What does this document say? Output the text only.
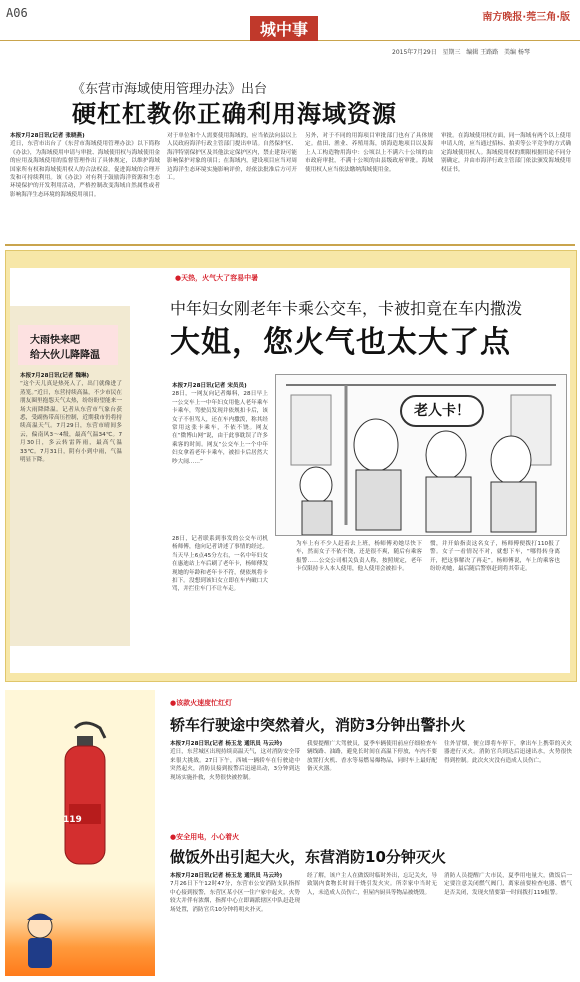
A06
城中事
南方晚报·莞三角·版
2015年7月29日 星期三 编辑 王路路 美编 杨琴
《东营市海域使用管理办法》出台
硬杠杠教你正确利用海域资源
本报7月28日讯(记者 张晓燕)
近日，东营市出台了《东营市海域使用管理办法》以下简称《办法》，为海域使用申请与审批、海域使用权与海域使用金的应用及海域使用的监督管理作出了具体规定，以维护海域国家所有权和海域使用权人的合法权益，促进海域的合理开发和可持续利用。该《办法》对有利于鼓励海洋资源和生态环境保护的开发利用活动，严格控制改变海域自然属性或者影响海洋生态环境的海域使用项目。
对于单位和个人需要使用海域的，应当依法向县以上人民政府海洋行政主管部门提出申请。自然保护区、海洋特别保护区及其他法定保护区内，禁止建设可能影响保护对象的项目；在海域内，建设项目应当对周边海洋生态环境实施影响评价，经依法批准后方可开工。
另外，对于不同的用海项目审批部门也有了具体规定。盐田、渔业、养殖用海，填海造地项目以及海上人工构造物用海中：公顷以上不满六十公顷的由市政府审批，不满十公顷的由县级政府审批。海域使用权人应当依法缴纳海域使用金。
审批。在海域使用权方面，同一海域有两个以上使用申请人的，应当通过招标、拍卖等公平竞争的方式确定海域使用权人。海域使用权的期限根据用途不同分别确定，并由市海洋行政主管部门依法颁发海域使用权证书。
●天热，火气大了容易中暑
中年妇女刚老年卡乘公交车，卡被扣竟在车内撒泼
大姐，您火气也太大了点
大雨快来吧
给大伙儿降降温
本报7月28日讯(记者 魏琳)
“这个天儿真是热死人了，出门就像进了蒸笼。”近日，东营持续高温，不少市民在朋友圈里抱怨天气太热，纷纷盼望能来一场大雨降降温。记者从东营市气象台获悉，受副热带高压控制，近期我市仍将持续高温天气。7月29日，东营市晴间多云，偏南风3～4级，最高气温34℃。7月30日，多云转雷阵雨，最高气温33℃。7月31日，阴有小到中雨，气温明显下降。
本报7月28日讯(记者 宋员员)
28日，一网友向记者爆料，28日早上一公交车上一中年妇女用他人老年乘车卡乘车，驾驶员发现并依规扣卡后，该女子不但骂人，还在车内撒泼，称其经常用这张卡乘车，不依不饶。网友在“微博山网”说，由于此事耽误了许多乘客的时间。网友“公交车上一个中年妇女拿着老年卡乘车，被扣卡后居然大吵大闹……”
28日，记者联系到事发的公交车司机杨师傅，他向记者讲述了事情的经过。当天早上6点45分左右，一名中年妇女在惠迪站上车后刷了老年卡，杨师傅发现她的年龄和老年卡不符，便依规将卡扣下。没想到该妇女立即在车内破口大骂，并拦住车门不让车走。
老人卡！
为车上有不少人赶着去上班，杨师傅劝她尽快下车，然而女子不依不饶，还是很不爽，随后有乘客报警……公交公司相关负责人称，按照规定，老年卡仅限持卡人本人使用，他人使用会被扣卡。
惯，并开始指责这名女子，杨师傅便拨打110报了警。女子一看情况不对，就想下车，“哪得转身离开，把这事解决了再走”。杨师傅说，车上的乘客也纷纷劝她，最后随后警察赶到将其带走。
119
●该款火速度忙红灯
轿车行驶途中突然着火，消防3分钟出警扑火
本报7月28日讯(记者 杨玉龙 通讯员 马云玲)
近日，东营城区出现持续高温天气，这对消防安全带来很大挑战。27日下午，西城一辆轿车在行驶途中突然起火，消防员接到报警后迅速出动，3分钟到达现场实施扑救，火势很快被控制。
我要提醒广大驾驶员，夏季车辆使用前应仔细检查车辆线路、油路，避免长时间在高温下停放，车内不要放置打火机、香水等易燃易爆物品，同时车上最好配备灭火器。
往外冒烟，便立即将车停下，拿出车上携带的灭火器进行灭火。消防官兵到达后迅速出水，火势很快得到控制。此次火灾没有造成人员伤亡。
●安全用电，小心着火
做饭外出引起大火，东营消防10分钟灭火
本报7月28日讯(记者 杨玉龙 通讯员 马云玲)
7月26日下午12时47分，东营市公安消防支队指挥中心接到报警，东营区某小区一住户家中起火，火势较大并伴有浓烟，指挥中心立即调派辖区中队赶赴现场处置，消防官兵10分钟将明火扑灭。
经了解，该户主人在做饭时临时外出，忘记关火，导致锅内食物长时间干烧引发火灾。所幸家中当时无人，未造成人员伤亡，但屋内厨具等物品被烧毁。
消防人员提醒广大市民，夏季用电量大，做饭后一定要注意关闭燃气阀门，离家前要检查电器、燃气是否关闭，发现火情要第一时间拨打119报警。
